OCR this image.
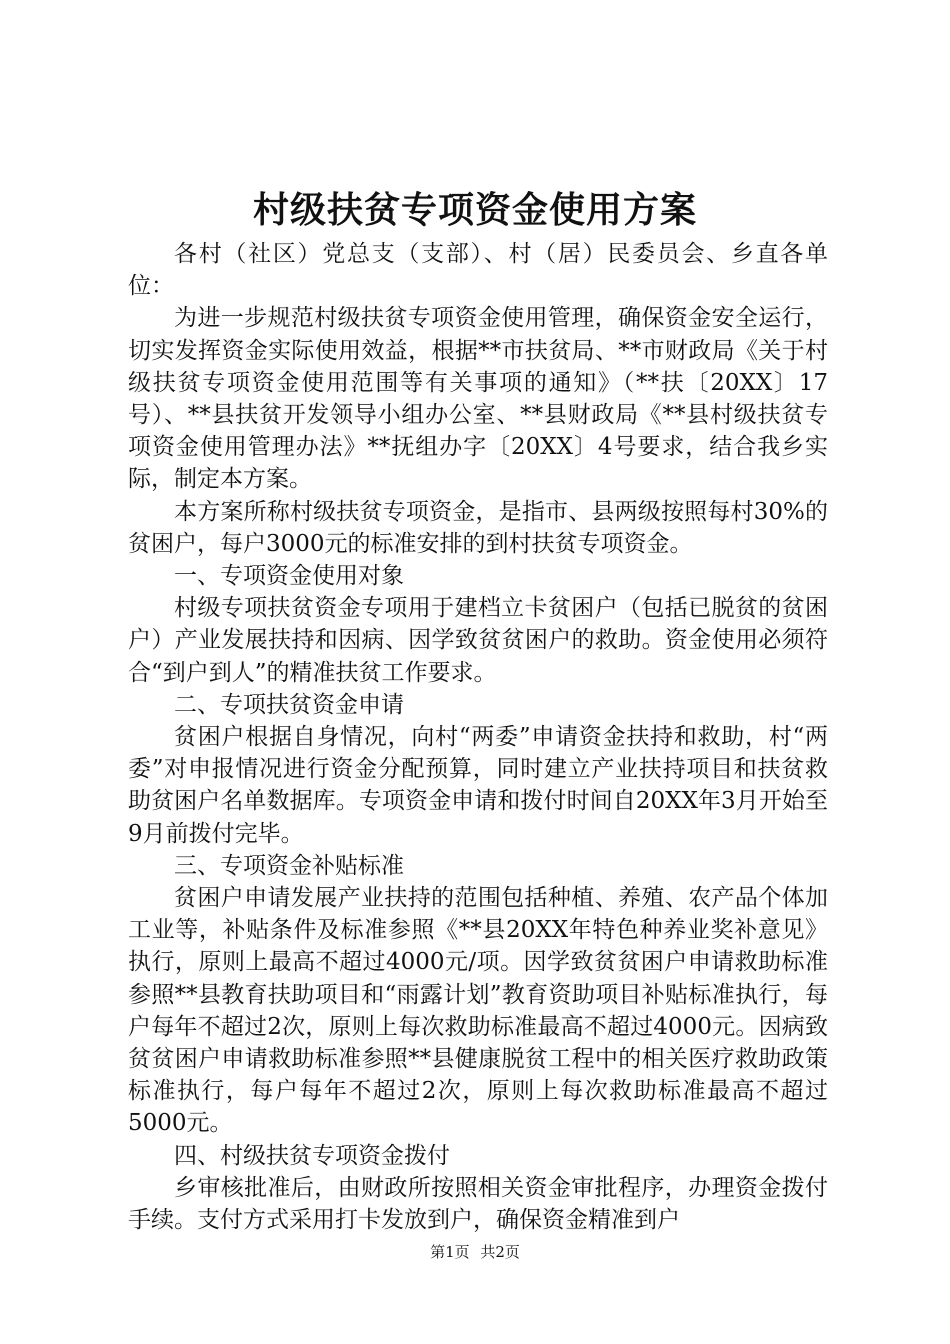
村级扶贫专项资金使用方案

各村（社区）党总支（支部）、村（居）民委员会、乡直各单位：

为进一步规范村级扶贫专项资金使用管理，确保资金安全运行，切实发挥资金实际使用效益，根据**市扶贫局、**市财政局《关于村级扶贫专项资金使用范围等有关事项的通知》（**扶〔20XX〕17号）、**县扶贫开发领导小组办公室、**县财政局《**县村级扶贫专项资金使用管理办法》**抚组办字〔20XX〕4号要求，结合我乡实际，制定本方案。

本方案所称村级扶贫专项资金，是指市、县两级按照每村30%的贫困户，每户3000元的标准安排的到村扶贫专项资金。

一、专项资金使用对象

村级专项扶贫资金专项用于建档立卡贫困户（包括已脱贫的贫困户）产业发展扶持和因病、因学致贫贫困户的救助。资金使用必须符合“到户到人”的精准扶贫工作要求。

二、专项扶贫资金申请

贫困户根据自身情况，向村“两委”申请资金扶持和救助，村“两委”对申报情况进行资金分配预算，同时建立产业扶持项目和扶贫救助贫困户名单数据库。专项资金申请和拨付时间自20XX年3月开始至9月前拨付完毕。

三、专项资金补贴标准

贫困户申请发展产业扶持的范围包括种植、养殖、农产品个体加工业等，补贴条件及标准参照《**县20XX年特色种养业奖补意见》执行，原则上最高不超过4000元/项。因学致贫贫困户申请救助标准参照**县教育扶助项目和“雨露计划”教育资助项目补贴标准执行，每户每年不超过2次，原则上每次救助标准最高不超过4000元。因病致贫贫困户申请救助标准参照**县健康脱贫工程中的相关医疗救助政策标准执行，每户每年不超过2次，原则上每次救助标准最高不超过5000元。

四、村级扶贫专项资金拨付

乡审核批准后，由财政所按照相关资金审批程序，办理资金拨付手续。支付方式采用打卡发放到户，确保资金精准到户

第1页 共2页
